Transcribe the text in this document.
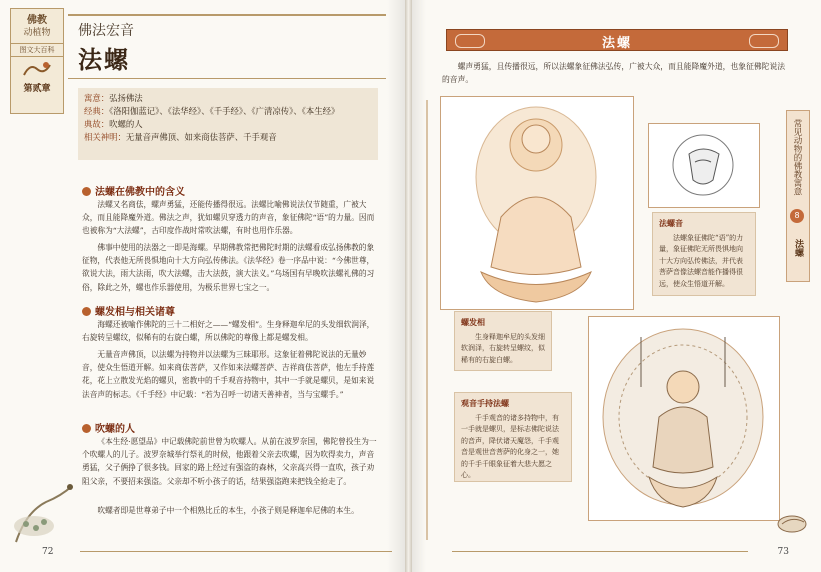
佛教
动植物
图文大百科
第贰章
佛法宏音
法螺
寓意：弘扬佛法
经典：《洛阳伽蓝记》、《法华经》、《千手经》、《广清凉传》、《本生经》
典故：吹螺的人
相关神明：无量音声佛顶、如来商佉菩萨、千手观音
法螺在佛教中的含义

法螺又名商佉，螺声勇猛，还能传播得很远。法螺比喻佛说法仅节随重，广被大众，而且能降魔外道。佛法之声，犹如螺贝穿透力的声音，象征佛陀“语”的力量。因而也被称为“大法螺”，古印度作战时常吹法螺，有时也用作乐器。

佛事中使用的法器之一即是海螺。早期佛教常把佛陀时期的法螺看成弘扬佛教的象征物，代表他无所畏惧地向十大方向弘传佛法。《法华经》卷一序品中说：“今佛世尊，欲说大法，雨大法雨，吹大法螺，击大法鼓，演大法义。”乌场国有早晚吹法螺礼佛的习俗，除此之外，螺也作乐器使用，为极乐世界七宝之一。

螺发相与相关诸尊

海螺还被喻作佛陀的三十二相好之——“螺发相”。生身释迦牟尼的头发细软润泽，右旋转呈螺纹，似稀有的右旋白螺，所以佛陀的尊像上都是螺发相。

无量音声佛顶，以法螺为持物并以法螺为三昧耶形。这象征着佛陀说法的无量妙音，使众生悟道开解。如来商佉菩萨，又作如来法螺菩萨、吉祥商佉菩萨，他左手持莲花，花上立散发光焰的螺贝，密教中的千手观音持物中，其中一手就是螺贝，是如来说法音声的标志。《千手经》中记载：“若为召呼一切诸天善神者，当与宝螺手。”

吹螺的人

《本生经·愿望品》中记载佛陀前世曾为吹螺人。从前在波罗奈国，佛陀曾投生为一个吹螺人的儿子。波罗奈城举行祭礼的时候，他跟着父亲去吹螺，因为吹得卖力，声音勇猛，父子俩挣了很多钱。回家的路上经过有强盗的森林，父亲高兴得一直吹，孩子劝阻父亲，不要招来强盗。父亲却不听小孩子的话，结果强盗跑来把钱全抢走了。

吹螺者即是世尊弟子中一个相熟比丘的本生，小孩子则是释迦牟尼佛的本生。

72
法螺

螺声勇猛，且传播很远，所以法螺象征佛法弘传，广被大众，而且能降魔外道，也象征佛陀说法的音声。

法螺音
法螺象征佛陀“语”的力量，象征佛陀无所畏惧地向十大方向弘传佛法，并代表菩萨音像法螺音能作播得很远，使众生悟道开解。
螺发相
生身释迦牟尼的头发细软润泽，右旋转呈螺纹，似稀有的右旋白螺。
观音手持法螺
千手观音的诸多持物中，有一手就是螺贝，是标志佛陀说法的音声，降伏诸天魔怨，千手观音是观世音菩萨的化身之一，她的千手千眼象征着大悲大愿之心。
常见动物的佛教寓意
8
法螺
73
